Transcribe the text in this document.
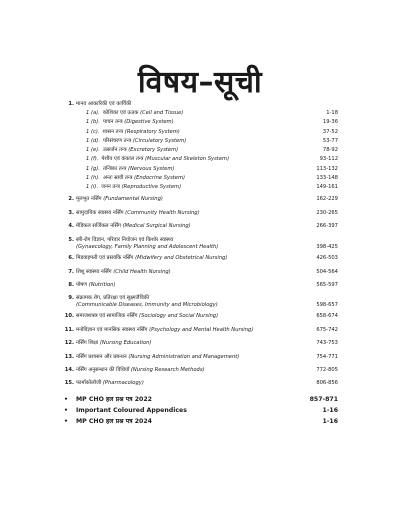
विषय–सूची
1. मानव आकारिकी एवं कार्यिकी
1 (a). कोशिका एवं ऊतक (Cell and Tissue)	1-18
1 (b). पाचन तन्त्र (Digestive System)	19-36
1 (c). श्वसन तन्त्र (Respiratory System)	37-52
1 (d). परिसंचरण तन्त्र (Circulatory System)	53-77
1 (e). उत्सर्जन तन्त्र (Excretory System)	78-92
1 (f). पेशीय एवं कंकाल तन्त्र (Muscular and Skeleton System)	93-112
1 (g). तन्त्रिका तन्त्र (Nervous System)	113-132
1 (h). अन्तः स्रावी तन्त्र (Endocrine System)	133-148
1 (i). जनन तन्त्र (Reproductive System)	149-161
2. मूलभूत नर्सिंग (Fundamental Nursing)	162-229
3. सामुदायिक स्वास्थ्य नर्सिंग (Community Health Nursing)	230-265
4. मेडिकल सर्जिकल नर्सिंग (Medical Surgical Nursing)	266-397
5. स्त्री-रोग विज्ञान, परिवार नियोजन एवं किशोर स्वास्थ्य
(Gynaecology, Family Planning and Adolescent Health)	398-425
6. मिडवाइफरी एवं प्रसवकि नर्सिंग (Midwifery and Obstetrical Nursing)	426-503
7. शिशु स्वास्थ्य नर्सिंग (Child Health Nursing)	504-564
8. पोषण (Nutrition)	565-597
9. संक्रामक रोग, प्रतिरक्षा एवं सूक्ष्मजैविकी
(Communicable Diseases, Immunity and Microbiology)	598-657
10. समाजशास्त्र एवं सामाजिक नर्सिंग (Sociology and Social Nursing)	658-674
11. मनोविज्ञान एवं मानसिक स्वास्थ्य नर्सिंग (Psychology and Mental Health Nursing)	675-742
12. नर्सिंग शिक्षा (Nursing Education)	743-753
13. नर्सिंग प्रशासन और प्रबन्धन (Nursing Administration and Management)	754-771
14. नर्सिंग अनुसन्धान की विधियाँ (Nursing Research Methods)	772-805
15. फार्माकोलॉजी (Pharmacology)	806-856
• MP CHO हल प्रश्न पत्र 2022	857-871
• Important Coloured Appendices	1-16
• MP CHO हल प्रश्न पत्र 2024	1-16
